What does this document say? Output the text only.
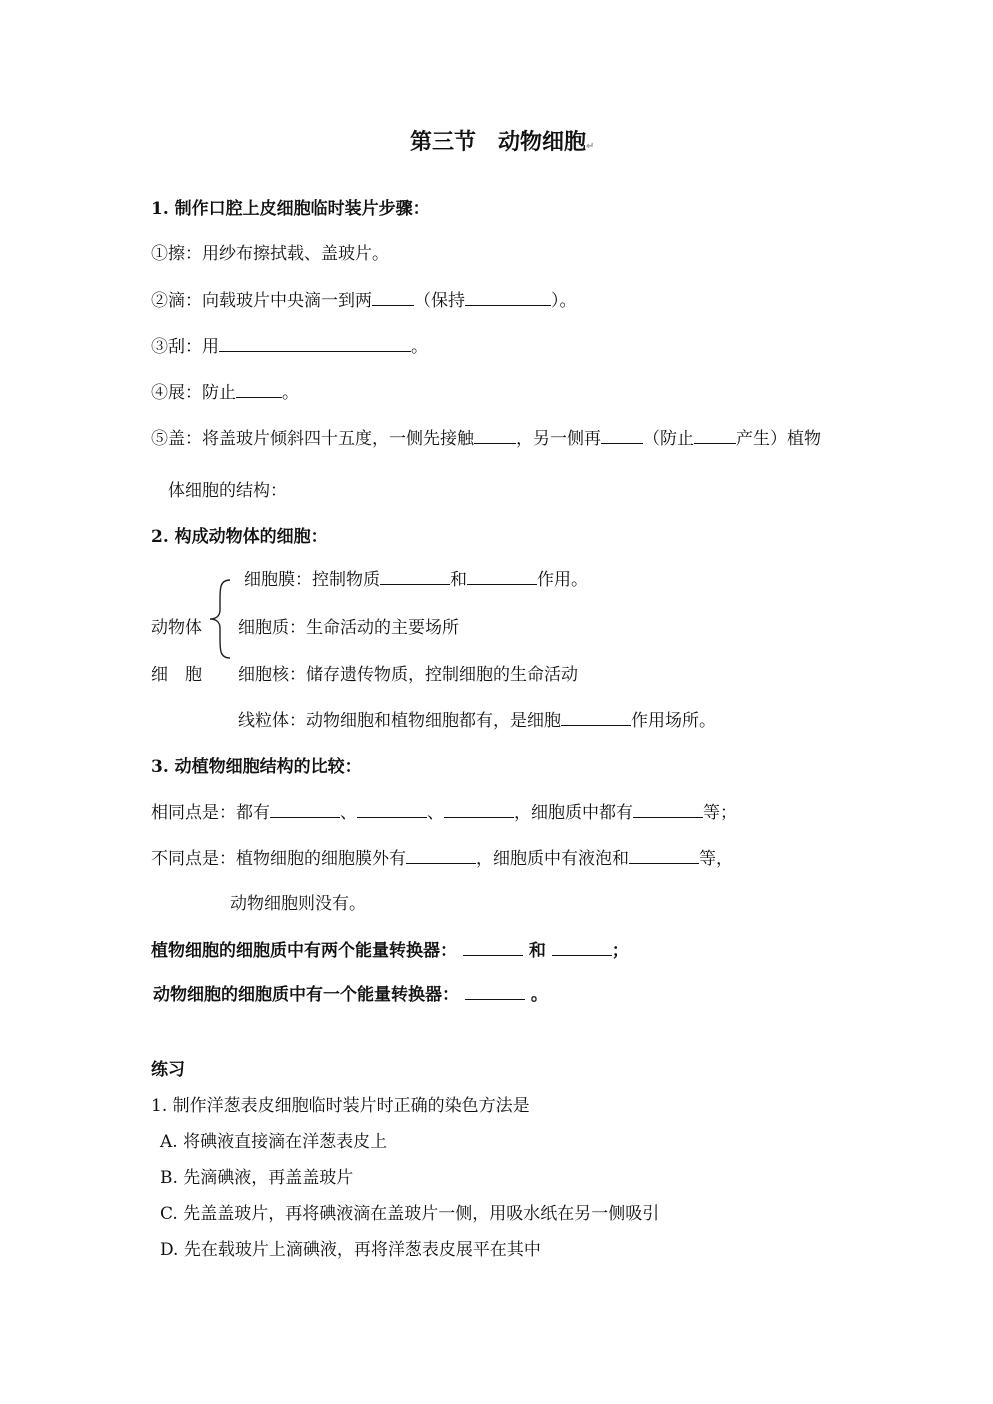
第三节　动物细胞↵
1. 制作口腔上皮细胞临时装片步骤：
①擦：用纱布擦拭载、盖玻片。
②滴：向载玻片中央滴一到两 （保持	）。
③刮：用	。
④展：防止	。
⑤盖：将盖玻片倾斜四十五度，一侧先接触 ，另一侧再 （防止 产生）植物
体细胞的结构：
2. 构成动物体的细胞：
动物体
细　胞
细胞膜：控制物质	和	作用。
细胞质：生命活动的主要场所
细胞核：储存遗传物质，控制细胞的生命活动
线粒体：动物细胞和植物细胞都有，是细胞	作用场所。
3. 动植物细胞结构的比较：
相同点是：都有	、	、	，细胞质中都有	等；
不同点是：植物细胞的细胞膜外有	，细胞质中有液泡和	等，
动物细胞则没有。
植物细胞的细胞质中有两个能量转换器：	和	；
动物细胞的细胞质中有一个能量转换器：	。
练习
1. 制作洋葱表皮细胞临时装片时正确的染色方法是
A. 将碘液直接滴在洋葱表皮上
B. 先滴碘液，再盖盖玻片
C. 先盖盖玻片，再将碘液滴在盖玻片一侧，用吸水纸在另一侧吸引
D. 先在载玻片上滴碘液，再将洋葱表皮展平在其中
